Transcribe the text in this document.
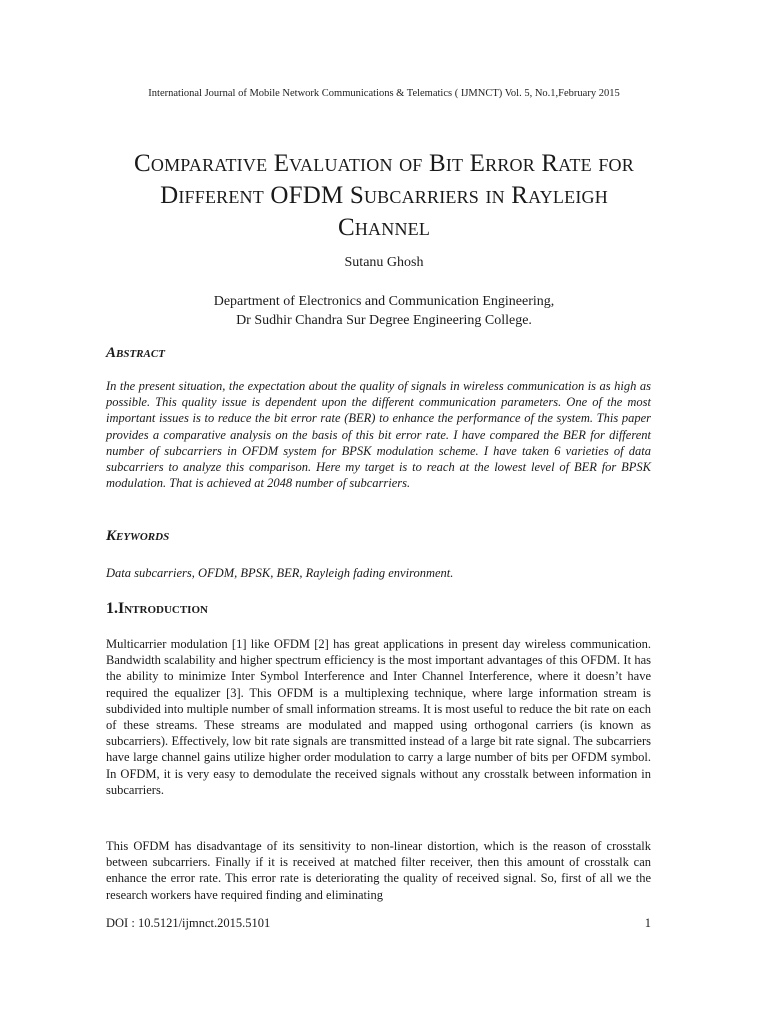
International Journal of Mobile Network Communications & Telematics ( IJMNCT) Vol. 5, No.1,February 2015
Comparative Evaluation of Bit Error Rate for
Different OFDM Subcarriers in Rayleigh
Channel
Sutanu Ghosh
Department of Electronics and Communication Engineering,
Dr Sudhir Chandra Sur Degree Engineering College.
Abstract
In the present situation, the expectation about the quality of signals in wireless communication is as high as possible. This quality issue is dependent upon the different communication parameters. One of the most important issues is to reduce the bit error rate (BER) to enhance the performance of the system. This paper provides a comparative analysis on the basis of this bit error rate. I have compared the BER for different number of subcarriers in OFDM system for BPSK modulation scheme. I have taken 6 varieties of data subcarriers to analyze this comparison. Here my target is to reach at the lowest level of BER for BPSK modulation. That is achieved at 2048 number of subcarriers.
Keywords
Data subcarriers, OFDM, BPSK, BER, Rayleigh fading environment.
1.Introduction
Multicarrier modulation [1] like OFDM [2] has great applications in present day wireless communication. Bandwidth scalability and higher spectrum efficiency is the most important advantages of this OFDM. It has the ability to minimize Inter Symbol Interference and Inter Channel Interference, where it doesn’t have required the equalizer [3]. This OFDM is a multiplexing technique, where large information stream is subdivided into multiple number of small information streams. It is most useful to reduce the bit rate on each of these streams. These streams are modulated and mapped using orthogonal carriers (is known as subcarriers). Effectively, low bit rate signals are transmitted instead of a large bit rate signal. The subcarriers have large channel gains utilize higher order modulation to carry a large number of bits per OFDM symbol. In OFDM, it is very easy to demodulate the received signals without any crosstalk between information in subcarriers.
This OFDM has disadvantage of its sensitivity to non-linear distortion, which is the reason of crosstalk between subcarriers. Finally if it is received at matched filter receiver, then this amount of crosstalk can enhance the error rate. This error rate is deteriorating the quality of received signal. So, first of all we the research workers have required finding and eliminating
DOI : 10.5121/ijmnct.2015.5101	1
